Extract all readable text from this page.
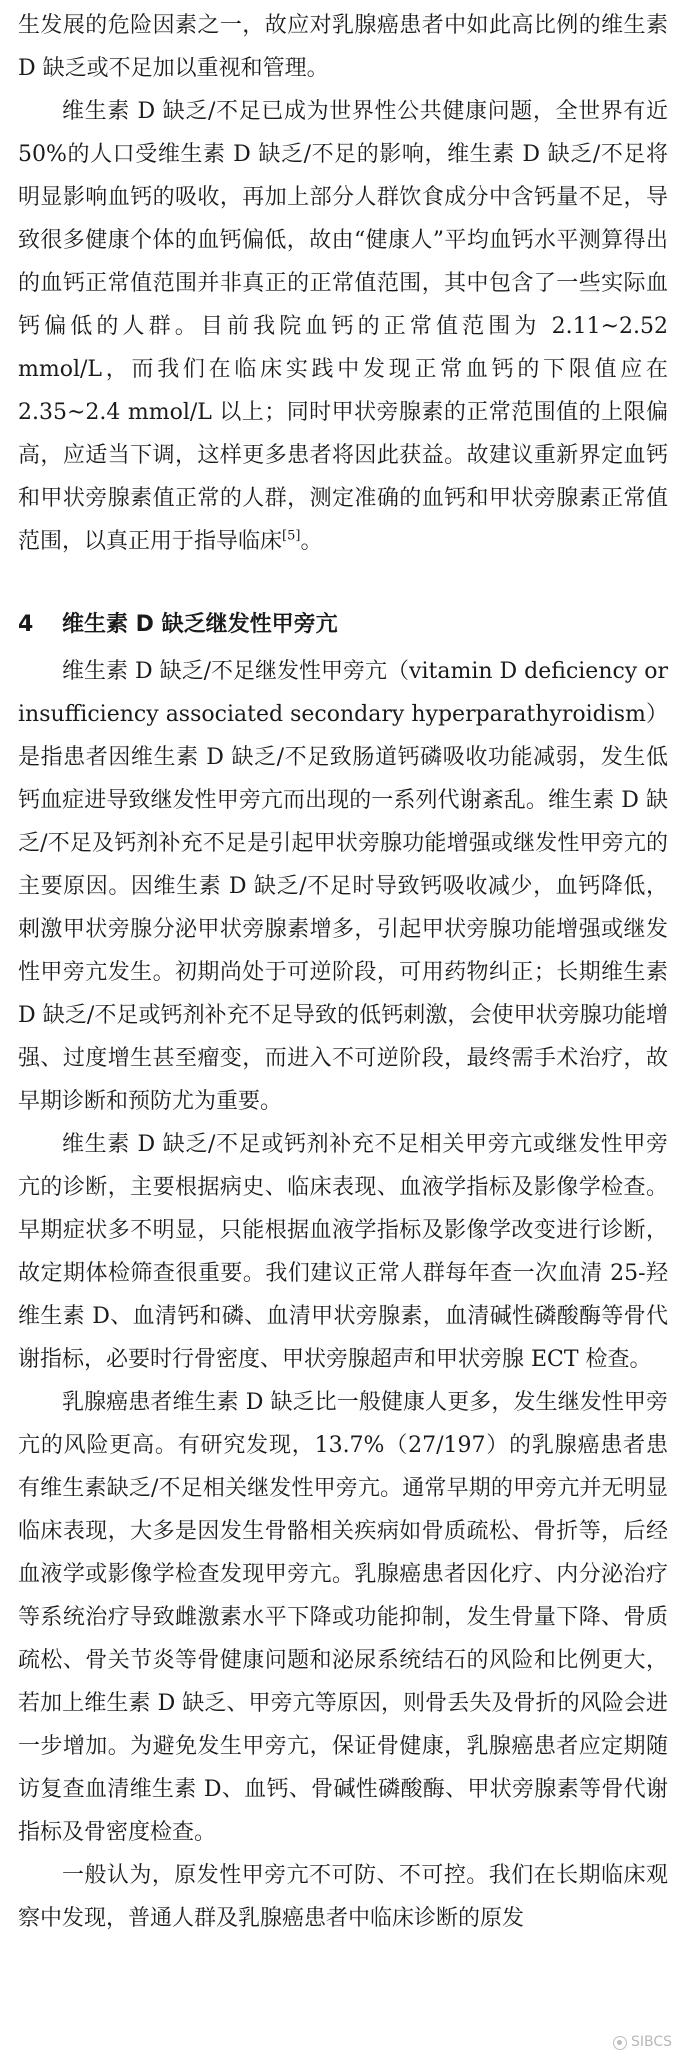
生发展的危险因素之一，故应对乳腺癌患者中如此高比例的维生素 D 缺乏或不足加以重视和管理。

维生素 D 缺乏/不足已成为世界性公共健康问题，全世界有近 50%的人口受维生素 D 缺乏/不足的影响，维生素 D 缺乏/不足将明显影响血钙的吸收，再加上部分人群饮食成分中含钙量不足，导致很多健康个体的血钙偏低，故由“健康人”平均血钙水平测算得出的血钙正常值范围并非真正的正常值范围，其中包含了一些实际血钙偏低的人群。目前我院血钙的正常值范围为 2.11~2.52 mmol/L，而我们在临床实践中发现正常血钙的下限值应在 2.35~2.4 mmol/L 以上；同时甲状旁腺素的正常范围值的上限偏高，应适当下调，这样更多患者将因此获益。故建议重新界定血钙和甲状旁腺素值正常的人群，测定准确的血钙和甲状旁腺素正常值范围，以真正用于指导临床[5]。

4 维生素 D 缺乏继发性甲旁亢

维生素 D 缺乏/不足继发性甲旁亢（vitamin D deficiency or insufficiency associated secondary hyperparathyroidism）是指患者因维生素 D 缺乏/不足致肠道钙磷吸收功能减弱，发生低钙血症进导致继发性甲旁亢而出现的一系列代谢紊乱。维生素 D 缺乏/不足及钙剂补充不足是引起甲状旁腺功能增强或继发性甲旁亢的主要原因。因维生素 D 缺乏/不足时导致钙吸收减少，血钙降低，刺激甲状旁腺分泌甲状旁腺素增多，引起甲状旁腺功能增强或继发性甲旁亢发生。初期尚处于可逆阶段，可用药物纠正；长期维生素 D 缺乏/不足或钙剂补充不足导致的低钙刺激，会使甲状旁腺功能增强、过度增生甚至瘤变，而进入不可逆阶段，最终需手术治疗，故早期诊断和预防尤为重要。

维生素 D 缺乏/不足或钙剂补充不足相关甲旁亢或继发性甲旁亢的诊断，主要根据病史、临床表现、血液学指标及影像学检查。早期症状多不明显，只能根据血液学指标及影像学改变进行诊断，故定期体检筛查很重要。我们建议正常人群每年查一次血清 25-羟维生素 D、血清钙和磷、血清甲状旁腺素，血清碱性磷酸酶等骨代谢指标，必要时行骨密度、甲状旁腺超声和甲状旁腺 ECT 检查。

乳腺癌患者维生素 D 缺乏比一般健康人更多，发生继发性甲旁亢的风险更高。有研究发现，13.7%（27/197）的乳腺癌患者患有维生素缺乏/不足相关继发性甲旁亢。通常早期的甲旁亢并无明显临床表现，大多是因发生骨骼相关疾病如骨质疏松、骨折等，后经血液学或影像学检查发现甲旁亢。乳腺癌患者因化疗、内分泌治疗等系统治疗导致雌激素水平下降或功能抑制，发生骨量下降、骨质疏松、骨关节炎等骨健康问题和泌尿系统结石的风险和比例更大，若加上维生素 D 缺乏、甲旁亢等原因，则骨丢失及骨折的风险会进一步增加。为避免发生甲旁亢，保证骨健康，乳腺癌患者应定期随访复查血清维生素 D、血钙、骨碱性磷酸酶、甲状旁腺素等骨代谢指标及骨密度检查。

一般认为，原发性甲旁亢不可防、不可控。我们在长期临床观察中发现，普通人群及乳腺癌患者中临床诊断的原发

SIBCS
